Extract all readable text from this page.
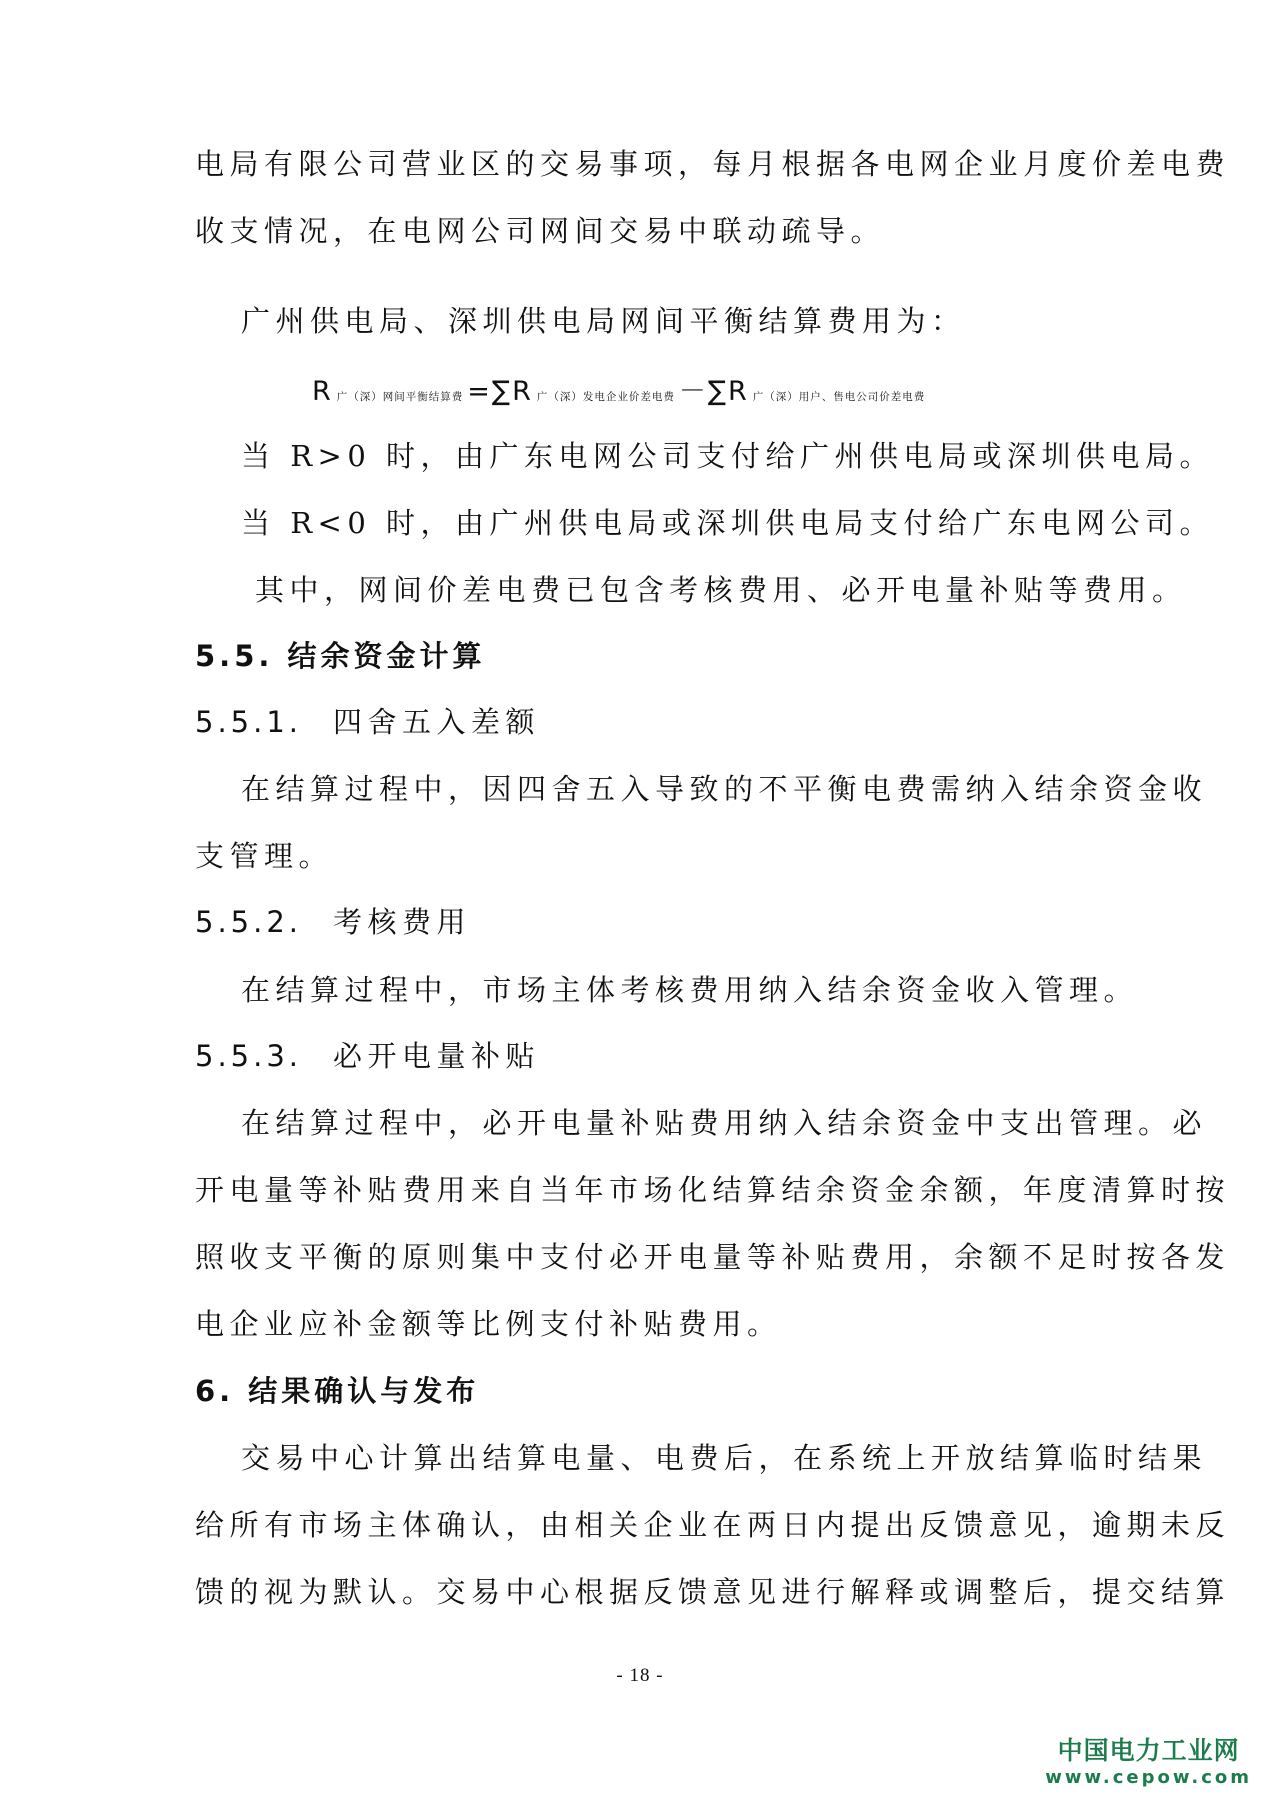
电局有限公司营业区的交易事项，每月根据各电网企业月度价差电费

收支情况，在电网公司网间交易中联动疏导。

广州供电局、深圳供电局网间平衡结算费用为：

R广（深）网间平衡结算费 =∑R 广（深）发电企业价差电费 －∑R 广（深）用户、售电公司价差电费

当 R>0 时，由广东电网公司支付给广州供电局或深圳供电局。

当 R<0 时，由广州供电局或深圳供电局支付给广东电网公司。

其中，网间价差电费已包含考核费用、必开电量补贴等费用。

5.5. 结余资金计算

5.5.1. 四舍五入差额

在结算过程中，因四舍五入导致的不平衡电费需纳入结余资金收

支管理。

5.5.2. 考核费用

在结算过程中，市场主体考核费用纳入结余资金收入管理。

5.5.3. 必开电量补贴

在结算过程中，必开电量补贴费用纳入结余资金中支出管理。必

开电量等补贴费用来自当年市场化结算结余资金余额，年度清算时按

照收支平衡的原则集中支付必开电量等补贴费用，余额不足时按各发

电企业应补金额等比例支付补贴费用。

6. 结果确认与发布

交易中心计算出结算电量、电费后，在系统上开放结算临时结果

给所有市场主体确认，由相关企业在两日内提出反馈意见，逾期未反

馈的视为默认。交易中心根据反馈意见进行解释或调整后，提交结算

- 18 -
中国电力工业网
www.cepow.com
